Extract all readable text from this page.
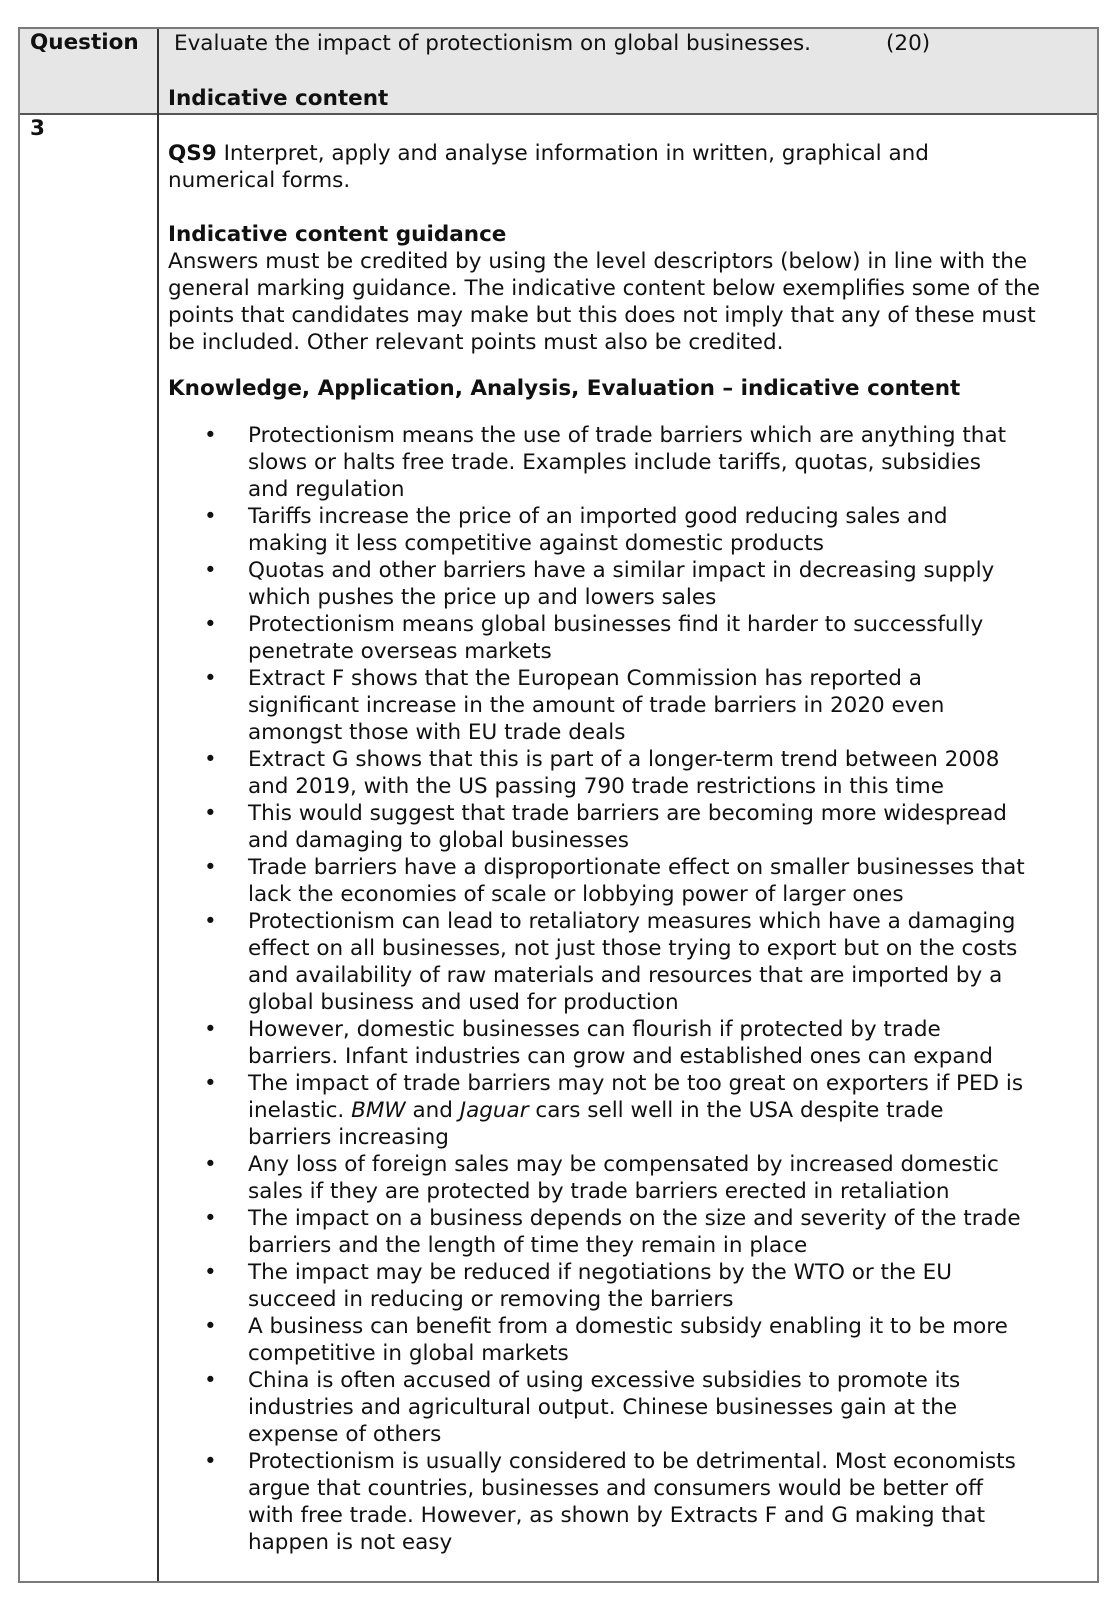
Question Evaluate the impact of protectionism on global businesses.	(20)
Indicative content
3
QS9 Interpret, apply and analyse information in written, graphical and
numerical forms.
Indicative content guidance
Answers must be credited by using the level descriptors (below) in line with the
general marking guidance. The indicative content below exemplifies some of the
points that candidates may make but this does not imply that any of these must
be included. Other relevant points must also be credited.
Knowledge, Application, Analysis, Evaluation – indicative content
• Protectionism means the use of trade barriers which are anything that
slows or halts free trade. Examples include tariffs, quotas, subsidies
and regulation
• Tariffs increase the price of an imported good reducing sales and
making it less competitive against domestic products
• Quotas and other barriers have a similar impact in decreasing supply
which pushes the price up and lowers sales
• Protectionism means global businesses find it harder to successfully
penetrate overseas markets
• Extract F shows that the European Commission has reported a
significant increase in the amount of trade barriers in 2020 even
amongst those with EU trade deals
• Extract G shows that this is part of a longer-term trend between 2008
and 2019, with the US passing 790 trade restrictions in this time
• This would suggest that trade barriers are becoming more widespread
and damaging to global businesses
• Trade barriers have a disproportionate effect on smaller businesses that
lack the economies of scale or lobbying power of larger ones
• Protectionism can lead to retaliatory measures which have a damaging
effect on all businesses, not just those trying to export but on the costs
and availability of raw materials and resources that are imported by a
global business and used for production
• However, domestic businesses can flourish if protected by trade
barriers. Infant industries can grow and established ones can expand
• The impact of trade barriers may not be too great on exporters if PED is
inelastic. BMW and Jaguar cars sell well in the USA despite trade
barriers increasing
• Any loss of foreign sales may be compensated by increased domestic
sales if they are protected by trade barriers erected in retaliation
• The impact on a business depends on the size and severity of the trade
barriers and the length of time they remain in place
• The impact may be reduced if negotiations by the WTO or the EU
succeed in reducing or removing the barriers
• A business can benefit from a domestic subsidy enabling it to be more
competitive in global markets
• China is often accused of using excessive subsidies to promote its
industries and agricultural output. Chinese businesses gain at the
expense of others
• Protectionism is usually considered to be detrimental. Most economists
argue that countries, businesses and consumers would be better off
with free trade. However, as shown by Extracts F and G making that
happen is not easy
